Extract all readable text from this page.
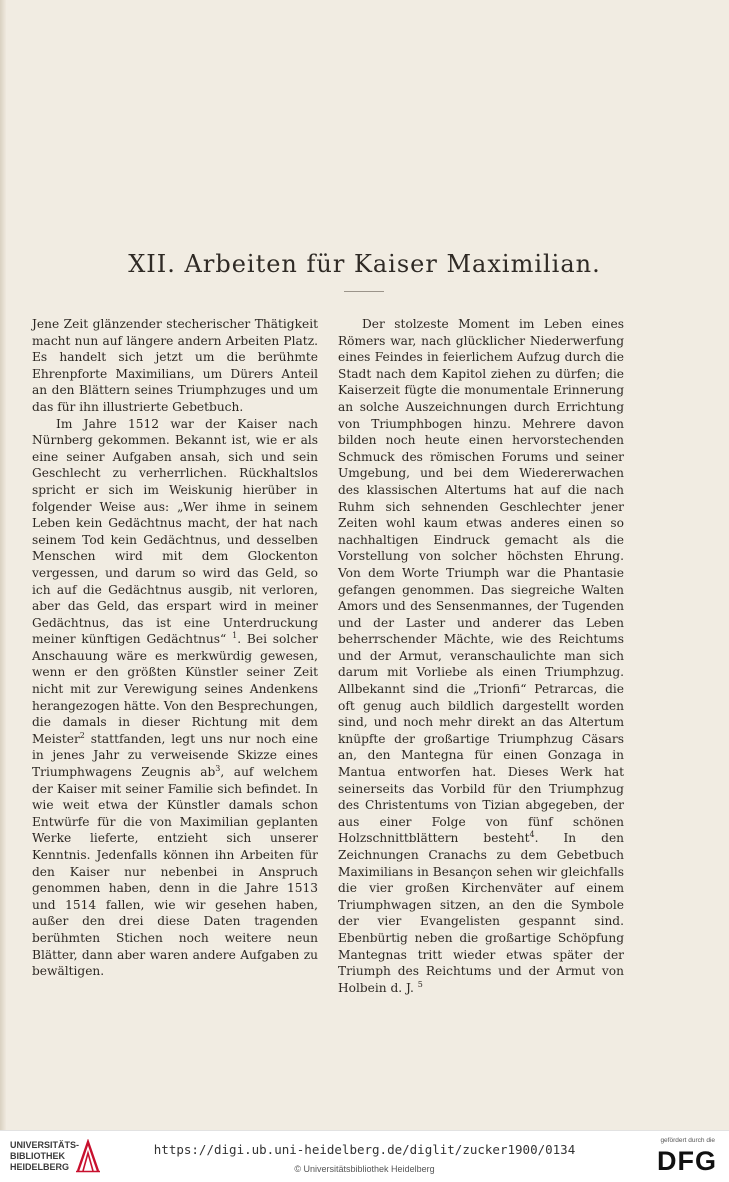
XII. Arbeiten für Kaiser Maximilian.

Jene Zeit glänzender stecherischer Thätigkeit macht nun auf längere andern Arbeiten Platz. Es handelt sich jetzt um die berühmte Ehrenpforte Maximilians, um Dürers Anteil an den Blättern seines Triumphzuges und um das für ihn illustrierte Gebetbuch.

Im Jahre 1512 war der Kaiser nach Nürnberg gekommen. Bekannt ist, wie er als eine seiner Aufgaben ansah, sich und sein Geschlecht zu verherrlichen. Rückhaltslos spricht er sich im Weiskunig hierüber in folgender Weise aus: „Wer ihme in seinem Leben kein Gedächtnus macht, der hat nach seinem Tod kein Gedächtnus, und desselben Menschen wird mit dem Glockenton vergessen, und darum so wird das Geld, so ich auf die Gedächtnus ausgib, nit verloren, aber das Geld, das erspart wird in meiner Gedächtnus, das ist eine Unterdruckung meiner künftigen Gedächtnus“ $^1$. Bei solcher Anschauung wäre es merkwürdig gewesen, wenn er den größten Künstler seiner Zeit nicht mit zur Verewigung seines Andenkens herangezogen hätte. Von den Besprechungen, die damals in dieser Richtung mit dem Meister$^2$ stattfanden, legt uns nur noch eine in jenes Jahr zu verweisende Skizze eines Triumphwagens Zeugnis $ab^3$, auf welchem der Kaiser mit seiner Familie sich befindet. In wie weit etwa der Künstler damals schon Entwürfe für die von Maximilian geplanten Werke lieferte, entzieht sich unserer Kenntnis. Jedenfalls können ihn Arbeiten für den Kaiser nur nebenbei in Anspruch genommen haben, denn in die Jahre 1513 und 1514 fallen, wie wir gesehen haben, außer den drei diese Daten tragenden berühmten Stichen noch weitere neun Blätter, dann aber waren andere Aufgaben zu bewältigen.

Der stolzeste Moment im Leben eines Römers war, nach glücklicher Niederwerfung eines Feindes in feierlichem Aufzug durch die Stadt nach dem Kapitol ziehen zu dürfen; die Kaiserzeit fügte die monumentale Erinnerung an solche Auszeichnungen durch Errichtung von Triumphbogen hinzu. Mehrere davon bilden noch heute einen hervorstechenden Schmuck des römischen Forums und seiner Umgebung, und bei dem Wiedererwachen des klassischen Altertums hat auf die nach Ruhm sich sehnenden Geschlechter jener Zeiten wohl kaum etwas anderes einen so nachhaltigen Eindruck gemacht als die Vorstellung von solcher höchsten Ehrung. Von dem Worte Triumph war die Phantasie gefangen genommen. Das siegreiche Walten Amors und des Sensenmannes, der Tugenden und der Laster und anderer das Leben beherrschender Mächte, wie des Reichtums und der Armut, veranschaulichte man sich darum mit Vorliebe als einen Triumphzug. Allbekannt sind die „Trionfi“ Petrarcas, die oft genug auch bildlich dargestellt worden sind, und noch mehr direkt an das Altertum knüpfte der großartige Triumphzug Cäsars an, den Mantegna für einen Gonzaga in Mantua entworfen hat. Dieses Werk hat seinerseits das Vorbild für den Triumphzug des Christentums von Tizian abgegeben, der aus einer Folge von fünf schönen Holzschnittblättern besteht$^4$. In den Zeichnungen Cranachs zu dem Gebetbuch Maximilians in Besançon sehen wir gleichfalls die vier großen Kirchenväter auf einem Triumphwagen sitzen, an den die Symbole der vier Evangelisten gespannt sind. Ebenbürtig neben die großartige Schöpfung Mantegnas tritt wieder etwas später der Triumph des Reichtums und der Armut von Holbein d. J. $^5$

UNIVERSITÄTS-
BIBLIOTHEK
HEIDELBERG
https://digi.ub.uni-heidelberg.de/diglit/zucker1900/0134
© Universitätsbibliothek Heidelberg
gefördert durch die
DFG
